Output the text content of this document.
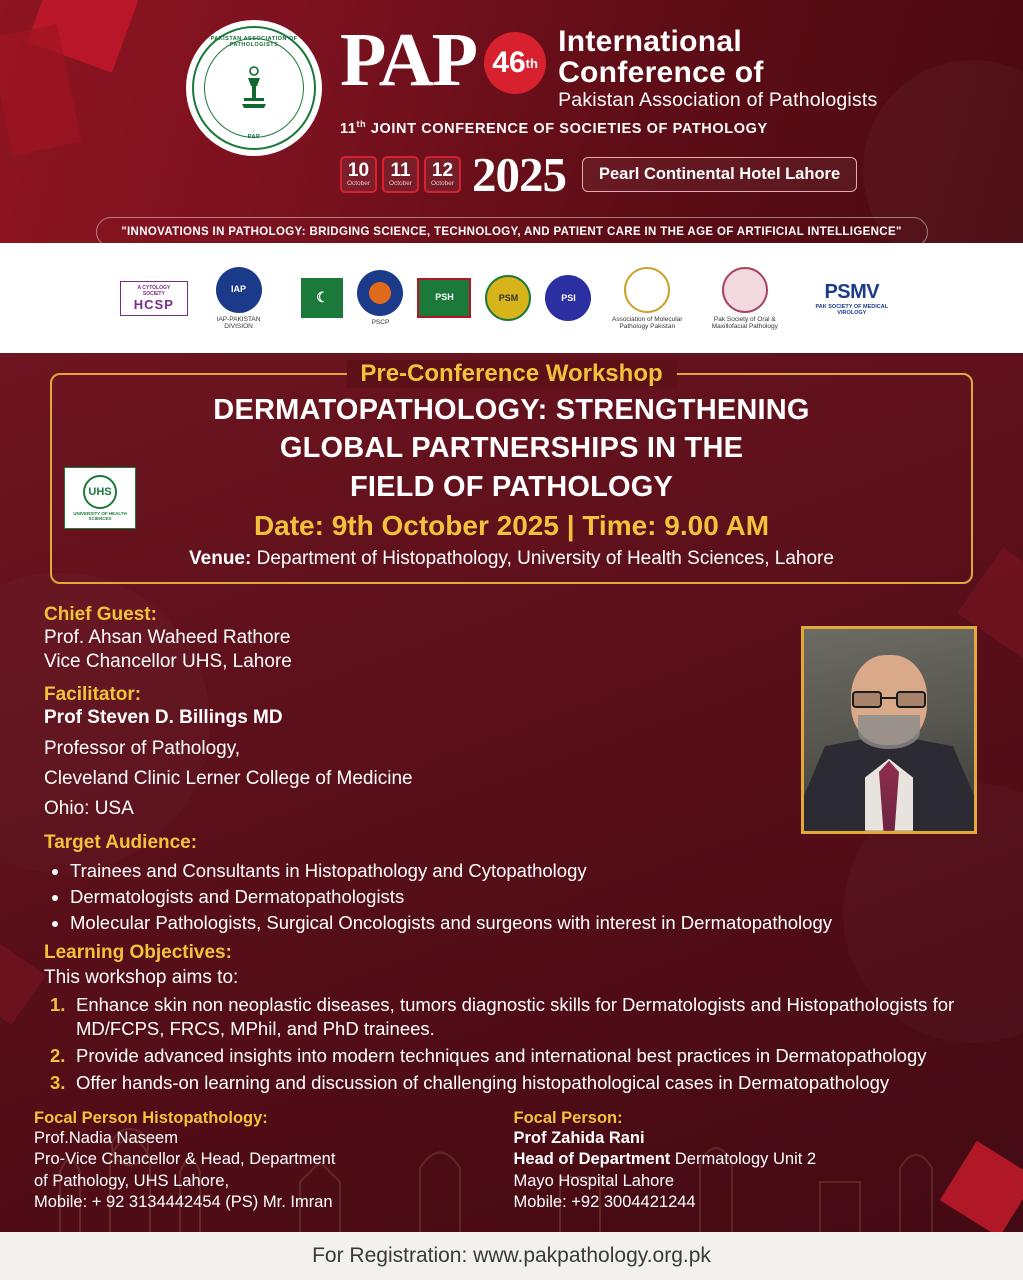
PAKISTAN ASSOCIATION OF PATHOLOGISTS
PAP
PAP 46 th
International
Conference of
Pakistan Association of Pathologists
11th JOINT CONFERENCE OF SOCIETIES OF PATHOLOGY
10
October
11
October
12
October 2025	Pearl Continental Hotel Lahore
"INNOVATIONS IN PATHOLOGY: BRIDGING SCIENCE, TECHNOLOGY, AND PATIENT CARE IN THE AGE OF ARTIFICIAL INTELLIGENCE"
A CYTOLOGY SOCIETY
HCSP
IAP
IAP-PAKISTAN DIVISION
☾
PSCP
PSH	PSM	PSI
Association of Molecular Pathology Pakistan
Pak Society of Oral & Maxillofacial Pathology
PSMV
PAK SOCIETY OF MEDICAL VIROLOGY
Pre-Conference Workshop
DERMATOPATHOLOGY: STRENGTHENING
GLOBAL PARTNERSHIPS IN THE
FIELD OF PATHOLOGY
Date: 9th October 2025 | Time: 9.00 AM
Venue: Department of Histopathology, University of Health Sciences, Lahore
UHS
UNIVERSITY OF HEALTH SCIENCES
Chief Guest:
Prof. Ahsan Waheed Rathore
Vice Chancellor UHS, Lahore
Facilitator:
Prof Steven D. Billings MD
Professor of Pathology,
Cleveland Clinic Lerner College of Medicine
Ohio: USA
Target Audience:
• Trainees and Consultants in Histopathology and Cytopathology
• Dermatologists and Dermatopathologists
• Molecular Pathologists, Surgical Oncologists and surgeons with interest in Dermatopathology
Learning Objectives:
This workshop aims to:
1. Enhance skin non neoplastic diseases, tumors diagnostic skills for Dermatologists and Histopathologists for MD/FCPS, FRCS, MPhil, and PhD trainees.
2. Provide advanced insights into modern techniques and international best practices in Dermatopathology
3. Offer hands-on learning and discussion of challenging histopathological cases in Dermatopathology
Focal Person Histopathology:
Prof.Nadia Naseem
Pro-Vice Chancellor & Head, Department
of Pathology, UHS Lahore,
Mobile: + 92 3134442454 (PS) Mr. Imran
Focal Person:
Prof Zahida Rani
Head of Department Dermatology Unit 2
Mayo Hospital Lahore
Mobile: +92 3004421244
For Registration: www.pakpathology.org.pk
